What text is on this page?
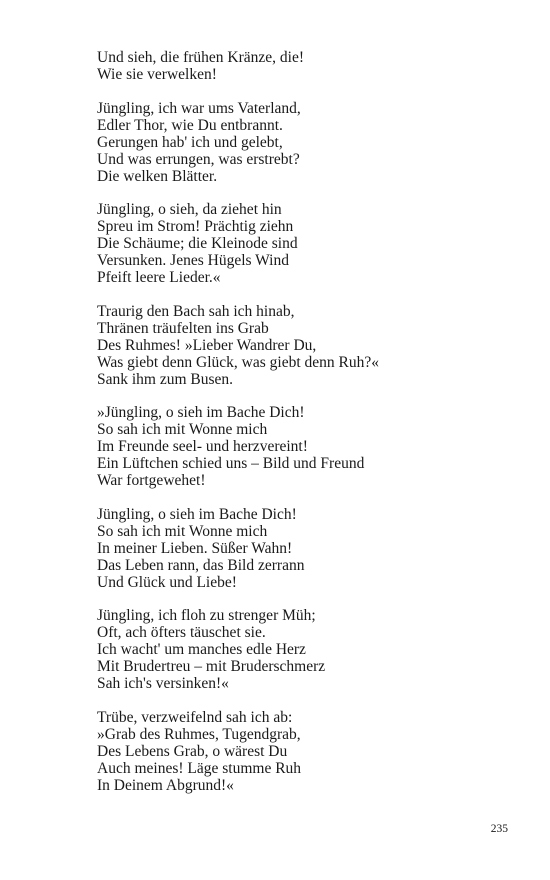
Und sieh, die frühen Kränze, die!
Wie sie verwelken!
Jüngling, ich war ums Vaterland,
Edler Thor, wie Du entbrannt.
Gerungen hab' ich und gelebt,
Und was errungen, was erstrebt?
Die welken Blätter.
Jüngling, o sieh, da ziehet hin
Spreu im Strom! Prächtig ziehn
Die Schäume; die Kleinode sind
Versunken. Jenes Hügels Wind
Pfeift leere Lieder.«
Traurig den Bach sah ich hinab,
Thränen träufelten ins Grab
Des Ruhmes! »Lieber Wandrer Du,
Was giebt denn Glück, was giebt denn Ruh?«
Sank ihm zum Busen.
»Jüngling, o sieh im Bache Dich!
So sah ich mit Wonne mich
Im Freunde seel- und herzvereint!
Ein Lüftchen schied uns – Bild und Freund
War fortgewehet!
Jüngling, o sieh im Bache Dich!
So sah ich mit Wonne mich
In meiner Lieben. Süßer Wahn!
Das Leben rann, das Bild zerrann
Und Glück und Liebe!
Jüngling, ich floh zu strenger Müh;
Oft, ach öfters täuschet sie.
Ich wacht' um manches edle Herz
Mit Brudertreu – mit Bruderschmerz
Sah ich's versinken!«
Trübe, verzweifelnd sah ich ab:
»Grab des Ruhmes, Tugendgrab,
Des Lebens Grab, o wärest Du
Auch meines! Läge stumme Ruh
In Deinem Abgrund!«
235
